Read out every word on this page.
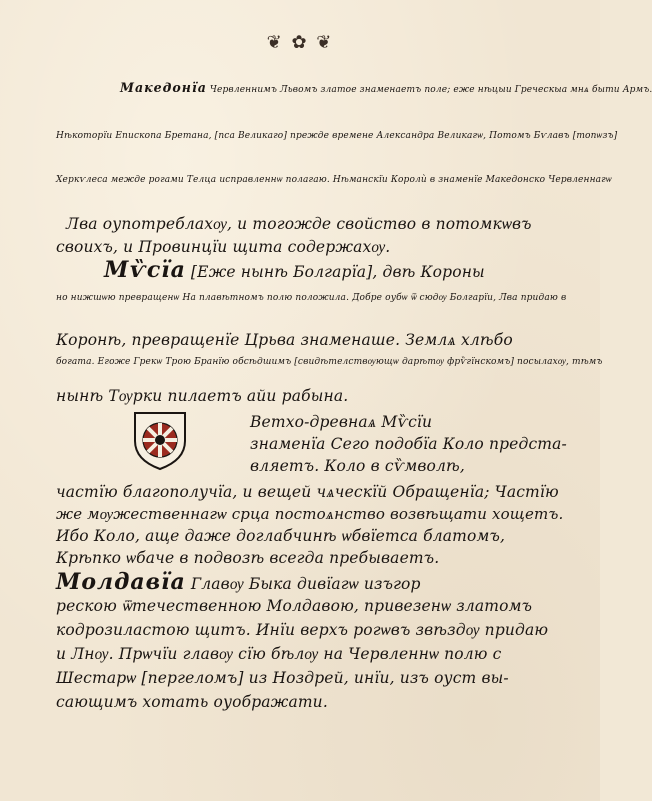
❦ ✿ ❦
Македонїа Червленнимъ Львомъ златое знаменаетъ поле; еже нѣцыи Греческыа мнѧ быти Армъ.
Нѣкоторїи Епископа Бретана, [пса Великаго] прежде времене Александра Великагѡ, Потомъ Бѵлавъ [топѡзъ]
Херкѵлеса межде рогами Телца исправленнѡ полагаю. Нѣманскїи Королѝ в знаменїе Македонско Червленнагѡ
Лва оупотреблахѹ, и тогожде свойство в потомкѡвъ
своихъ, и Провинцїи щита содержахѹ.
Мѷсїа [Еже нынѣ Болгарїа], двѣ Короны
но нижшѡю превращенѡ На плавѣтномъ полю положила. Добре оубѡ ѿ сюдѹ Болгарїи, Лва придаю в
Коронѣ, превращенїе Црьва знаменаше. Землѧ хлѣбо
богата. Егоже Грекѡ Трою Бранїю обсѣдшимъ [свидѣтелствѹющѡ дарѣтѹ фрѷгїнскомъ] посылахѹ, тѣмъ
нынѣ Тѹрки пилаетъ айи рабына.
Ветхо-древнаѧ Мѷсїи
знаменїа Сего подобїа Коло предста-
вляетъ. Коло в сѷмволѣ,
частїю благополучїа, и вещей чѧческїй Обращенїа; Частїю
же мѹжественнагѡ срца постоѧнство возвѣщати хощетъ.
Ибо Коло, аще даже доглабчинѣ ѡбвїетса блатомъ,
Крѣпко ѡбаче в подвозѣ всегда пребываетъ.
Молдавїа Главѹ Быка дивїагѡ изъгор
рескою ѿтечественною Молдавою, привезенѡ златомъ
кодрозиластою щитъ. Инїи верхъ рогѡвъ звѣздѹ придаю
и Лнѹ. Прѡчїи главѹ сїю бѣлѹ на Червленнѡ полю с
Шестарѡ [пергеломъ] из Ноздрей, инїи, изъ оуст вы-
сающимъ хотать оуображати.
